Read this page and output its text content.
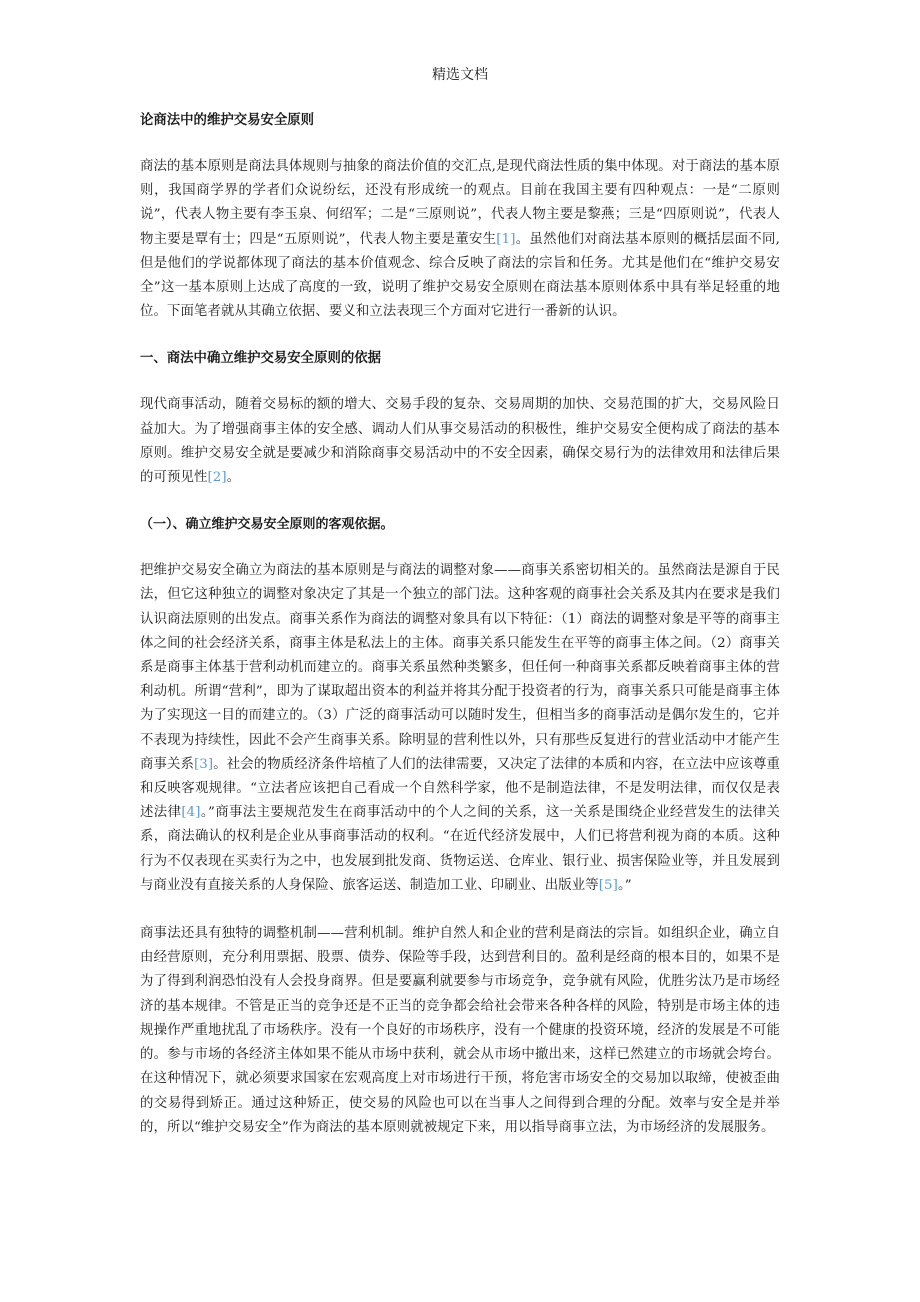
精选文档
论商法中的维护交易安全原则
商法的基本原则是商法具体规则与抽象的商法价值的交汇点,是现代商法性质的集中体现。对于商法的基本原则，我国商学界的学者们众说纷纭，还没有形成统一的观点。目前在我国主要有四种观点：一是“二原则说”，代表人物主要有李玉泉、何绍军；二是“三原则说”，代表人物主要是黎燕；三是“四原则说”，代表人物主要是覃有士；四是“五原则说”，代表人物主要是董安生[1]。虽然他们对商法基本原则的概括层面不同,但是他们的学说都体现了商法的基本价值观念、综合反映了商法的宗旨和任务。尤其是他们在“维护交易安全”这一基本原则上达成了高度的一致，说明了维护交易安全原则在商法基本原则体系中具有举足轻重的地位。下面笔者就从其确立依据、要义和立法表现三个方面对它进行一番新的认识。
一、商法中确立维护交易安全原则的依据
现代商事活动，随着交易标的额的增大、交易手段的复杂、交易周期的加快、交易范围的扩大，交易风险日益加大。为了增强商事主体的安全感、调动人们从事交易活动的积极性，维护交易安全便构成了商法的基本原则。维护交易安全就是要减少和消除商事交易活动中的不安全因素，确保交易行为的法律效用和法律后果的可预见性[2]。
（一）、确立维护交易安全原则的客观依据。
把维护交易安全确立为商法的基本原则是与商法的调整对象——商事关系密切相关的。虽然商法是源自于民法，但它这种独立的调整对象决定了其是一个独立的部门法。这种客观的商事社会关系及其内在要求是我们认识商法原则的出发点。商事关系作为商法的调整对象具有以下特征：（1）商法的调整对象是平等的商事主体之间的社会经济关系，商事主体是私法上的主体。商事关系只能发生在平等的商事主体之间。（2）商事关系是商事主体基于营利动机而建立的。商事关系虽然种类繁多，但任何一种商事关系都反映着商事主体的营利动机。所谓“营利”，即为了谋取超出资本的利益并将其分配于投资者的行为，商事关系只可能是商事主体为了实现这一目的而建立的。（3）广泛的商事活动可以随时发生，但相当多的商事活动是偶尔发生的，它并不表现为持续性，因此不会产生商事关系。除明显的营利性以外，只有那些反复进行的营业活动中才能产生商事关系[3]。社会的物质经济条件培植了人们的法律需要，又决定了法律的本质和内容，在立法中应该尊重和反映客观规律。“立法者应该把自己看成一个自然科学家，他不是制造法律，不是发明法律，而仅仅是表述法律[4]。”商事法主要规范发生在商事活动中的个人之间的关系，这一关系是围绕企业经营发生的法律关系，商法确认的权利是企业从事商事活动的权利。“在近代经济发展中，人们已将营利视为商的本质。这种行为不仅表现在买卖行为之中，也发展到批发商、货物运送、仓库业、银行业、损害保险业等，并且发展到与商业没有直接关系的人身保险、旅客运送、制造加工业、印刷业、出版业等[5]。”
商事法还具有独特的调整机制——营利机制。维护自然人和企业的营利是商法的宗旨。如组织企业，确立自由经营原则，充分利用票据、股票、债券、保险等手段，达到营利目的。盈利是经商的根本目的，如果不是为了得到利润恐怕没有人会投身商界。但是要赢利就要参与市场竞争，竞争就有风险，优胜劣汰乃是市场经济的基本规律。不管是正当的竞争还是不正当的竞争都会给社会带来各种各样的风险，特别是市场主体的违规操作严重地扰乱了市场秩序。没有一个良好的市场秩序，没有一个健康的投资环境，经济的发展是不可能的。参与市场的各经济主体如果不能从市场中获利，就会从市场中撤出来，这样已然建立的市场就会垮台。在这种情况下，就必须要求国家在宏观高度上对市场进行干预，将危害市场安全的交易加以取缔，使被歪曲的交易得到矫正。通过这种矫正，使交易的风险也可以在当事人之间得到合理的分配。效率与安全是并举的，所以“维护交易安全”作为商法的基本原则就被规定下来，用以指导商事立法，为市场经济的发展服务。
